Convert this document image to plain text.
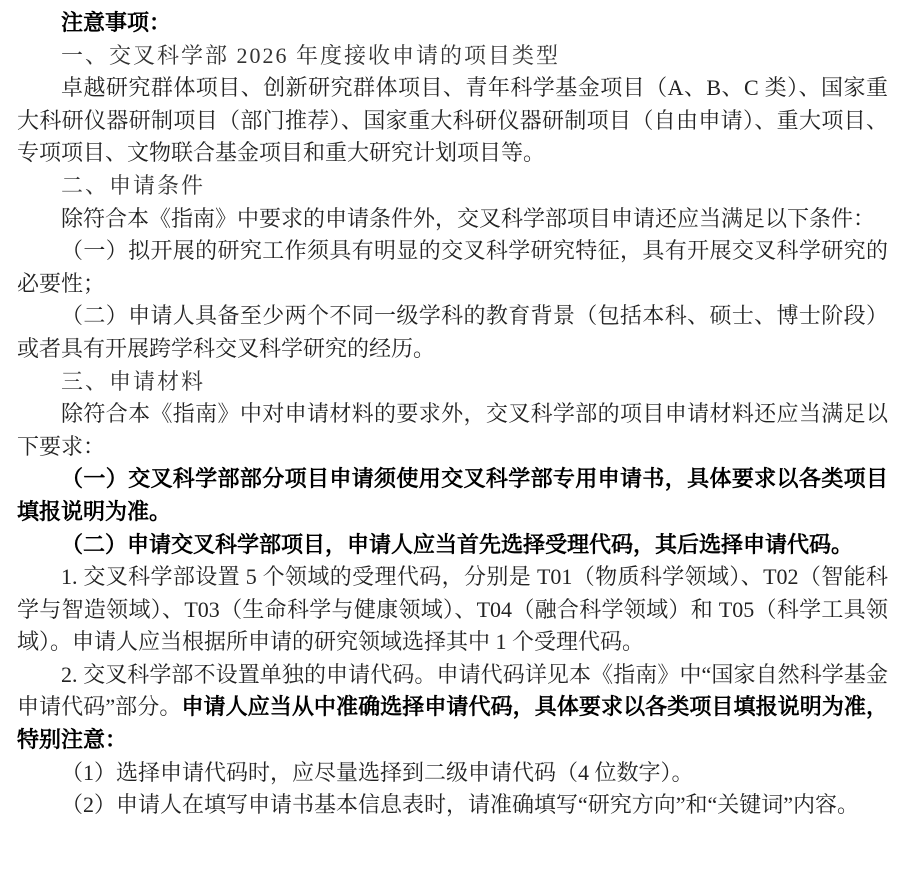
注意事项：

一、交叉科学部 2026 年度接收申请的项目类型

卓越研究群体项目、创新研究群体项目、青年科学基金项目（A、B、C 类）、国家重大科研仪器研制项目（部门推荐）、国家重大科研仪器研制项目（自由申请）、重大项目、专项项目、文物联合基金项目和重大研究计划项目等。

二、申请条件

除符合本《指南》中要求的申请条件外，交叉科学部项目申请还应当满足以下条件：

（一）拟开展的研究工作须具有明显的交叉科学研究特征，具有开展交叉科学研究的必要性；

（二）申请人具备至少两个不同一级学科的教育背景（包括本科、硕士、博士阶段）或者具有开展跨学科交叉科学研究的经历。

三、申请材料

除符合本《指南》中对申请材料的要求外，交叉科学部的项目申请材料还应当满足以下要求：

（一）交叉科学部部分项目申请须使用交叉科学部专用申请书，具体要求以各类项目填报说明为准。

（二）申请交叉科学部项目，申请人应当首先选择受理代码，其后选择申请代码。

1. 交叉科学部设置 5 个领域的受理代码，分别是 T01（物质科学领域）、T02（智能科学与智造领域）、T03（生命科学与健康领域）、T04（融合科学领域）和 T05（科学工具领域）。申请人应当根据所申请的研究领域选择其中 1 个受理代码。

2. 交叉科学部不设置单独的申请代码。申请代码详见本《指南》中“国家自然科学基金申请代码”部分。申请人应当从中准确选择申请代码，具体要求以各类项目填报说明为准，特别注意：

（1）选择申请代码时，应尽量选择到二级申请代码（4 位数字）。

（2）申请人在填写申请书基本信息表时，请准确填写“研究方向”和“关键词”内容。
